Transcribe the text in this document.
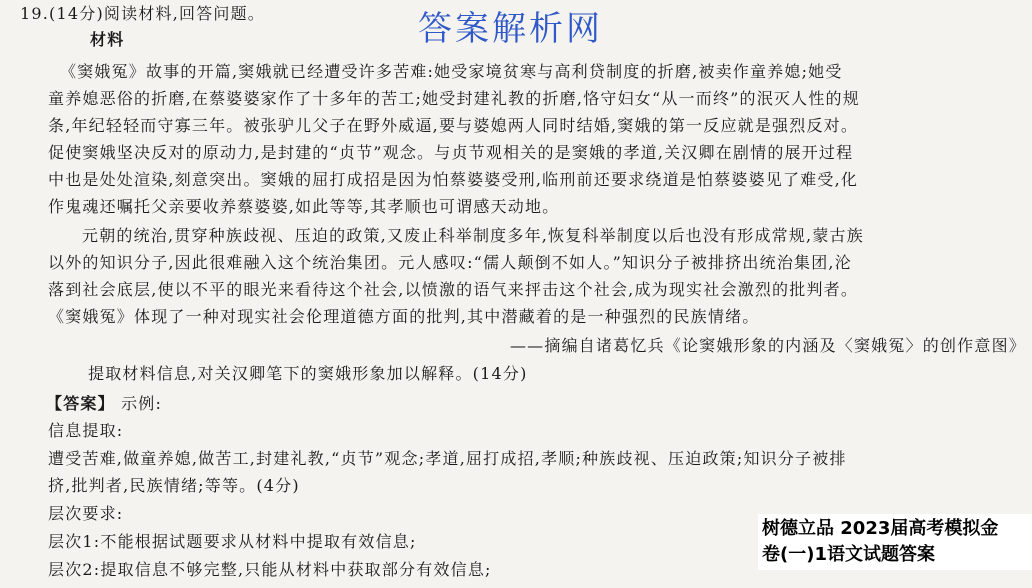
19.(14分)阅读材料,回答问题。	答案解析网
材料
《窦娥冤》故事的开篇,窦娥就已经遭受许多苦难:她受家境贫寒与高利贷制度的折磨,被卖作童养媳;她受
童养媳恶俗的折磨,在蔡婆婆家作了十多年的苦工;她受封建礼教的折磨,恪守妇女“从一而终”的泯灭人性的规
条,年纪轻轻而守寡三年。被张驴儿父子在野外威逼,要与婆媳两人同时结婚,窦娥的第一反应就是强烈反对。
促使窦娥坚决反对的原动力,是封建的“贞节”观念。与贞节观相关的是窦娥的孝道,关汉卿在剧情的展开过程
中也是处处渲染,刻意突出。窦娥的屈打成招是因为怕蔡婆婆受刑,临刑前还要求绕道是怕蔡婆婆见了难受,化
作鬼魂还嘱托父亲要收养蔡婆婆,如此等等,其孝顺也可谓感天动地。
元朝的统治,贯穿种族歧视、压迫的政策,又废止科举制度多年,恢复科举制度以后也没有形成常规,蒙古族
以外的知识分子,因此很难融入这个统治集团。元人感叹:“儒人颠倒不如人。”知识分子被排挤出统治集团,沦
落到社会底层,使以不平的眼光来看待这个社会,以愤激的语气来抨击这个社会,成为现实社会激烈的批判者。
《窦娥冤》体现了一种对现实社会伦理道德方面的批判,其中潜藏着的是一种强烈的民族情绪。
——摘编自诸葛忆兵《论窦娥形象的内涵及〈窦娥冤〉的创作意图》
提取材料信息,对关汉卿笔下的窦娥形象加以解释。(14分)
【答案】 示例:
信息提取:
遭受苦难,做童养媳,做苦工,封建礼教,“贞节”观念;孝道,屈打成招,孝顺;种族歧视、压迫政策;知识分子被排
挤,批判者,民族情绪;等等。(4分)
层次要求:
层次1:不能根据试题要求从材料中提取有效信息;
层次2:提取信息不够完整,只能从材料中获取部分有效信息;
树德立品 2023届高考模拟金
卷(一)1语文试题答案
